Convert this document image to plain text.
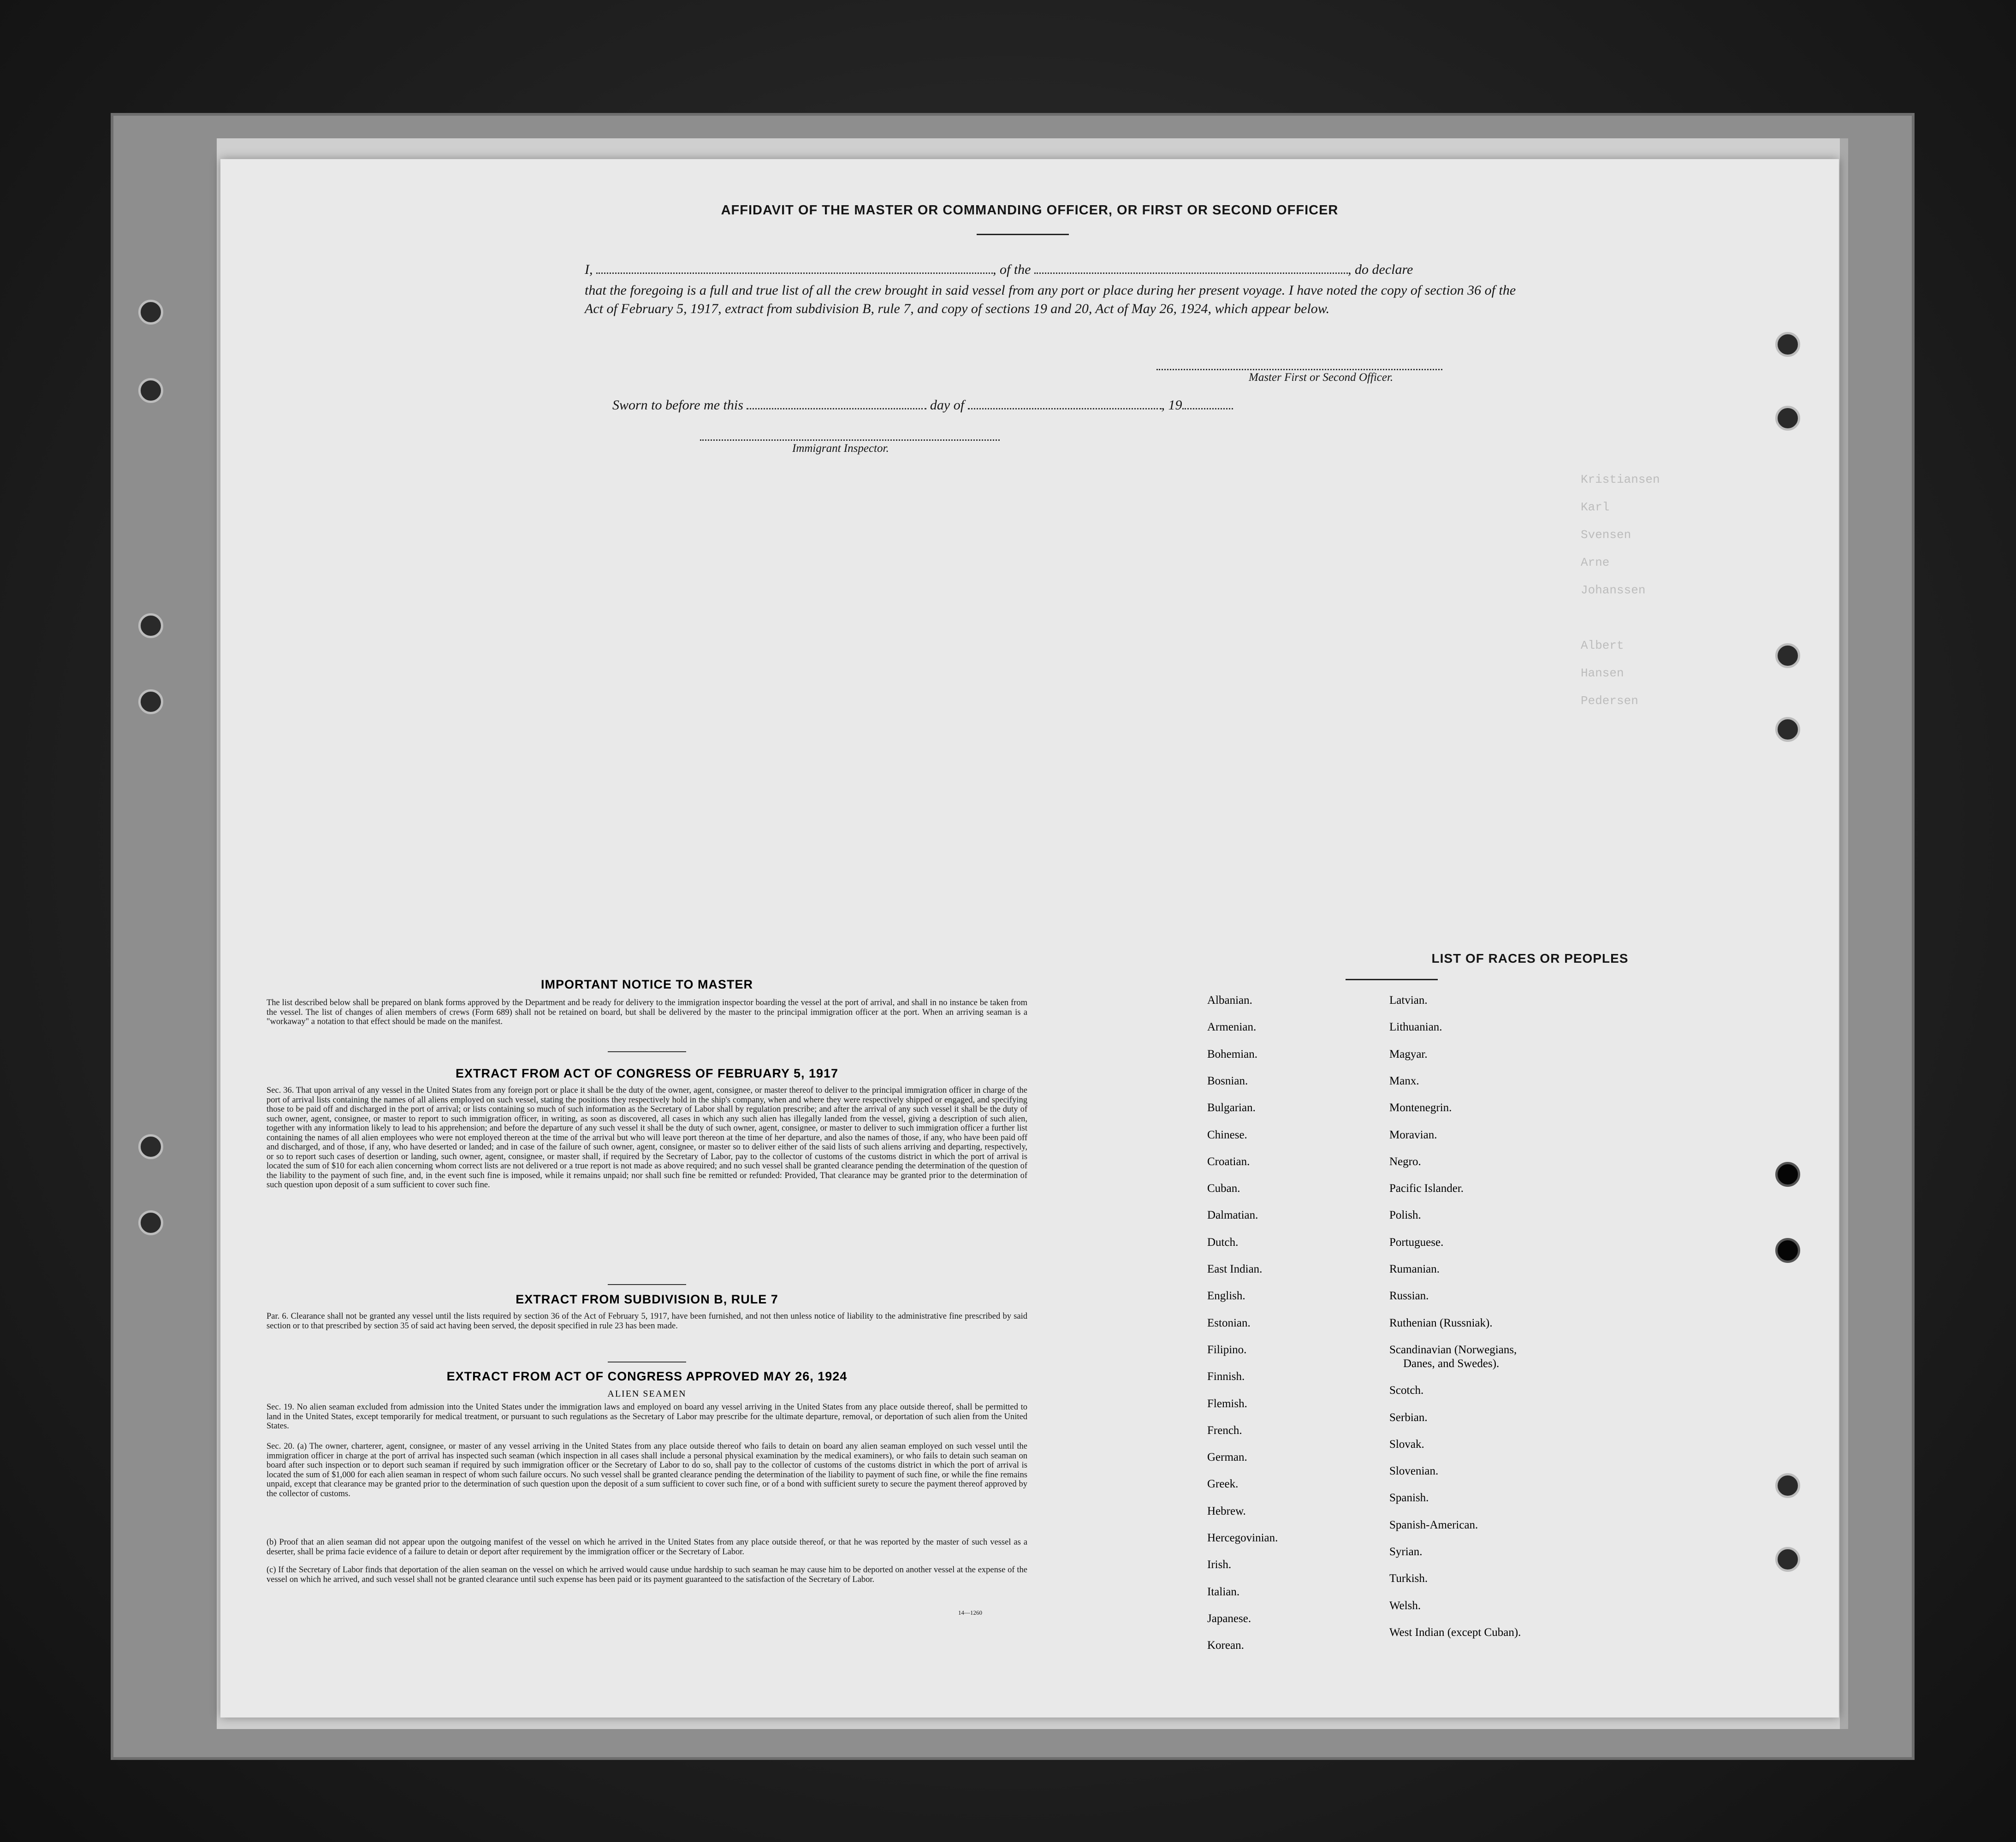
Kristiansen
Karl
Svensen
Arne
Johanssen
Albert
Hansen
Pedersen
AFFIDAVIT OF THE MASTER OR COMMANDING OFFICER, OR FIRST OR SECOND OFFICER
I,	, of the	, do declare
that the foregoing is a full and true list of all the crew brought in said vessel from any port or place during her present voyage. I have noted the copy of section 36 of the Act of February 5, 1917, extract from subdivision B, rule 7, and copy of sections 19 and 20, Act of May 26, 1924, which appear below.
Master First or Second Officer.
Sworn to before me this	day of	, 19
Immigrant Inspector.
IMPORTANT NOTICE TO MASTER
The list described below shall be prepared on blank forms approved by the Department and be ready for delivery to the immigration inspector boarding the vessel at the port of arrival, and shall in no instance be taken from the vessel. The list of changes of alien members of crews (Form 689) shall not be retained on board, but shall be delivered by the master to the principal immigration officer at the port. When an arriving seaman is a "workaway" a notation to that effect should be made on the manifest.
EXTRACT FROM ACT OF CONGRESS OF FEBRUARY 5, 1917
Sec. 36. That upon arrival of any vessel in the United States from any foreign port or place it shall be the duty of the owner, agent, consignee, or master thereof to deliver to the principal immigration officer in charge of the port of arrival lists containing the names of all aliens employed on such vessel, stating the positions they respectively hold in the ship's company, when and where they were respectively shipped or engaged, and specifying those to be paid off and discharged in the port of arrival; or lists containing so much of such information as the Secretary of Labor shall by regulation prescribe; and after the arrival of any such vessel it shall be the duty of such owner, agent, consignee, or master to report to such immigration officer, in writing, as soon as discovered, all cases in which any such alien has illegally landed from the vessel, giving a description of such alien, together with any information likely to lead to his apprehension; and before the departure of any such vessel it shall be the duty of such owner, agent, consignee, or master to deliver to such immigration officer a further list containing the names of all alien employees who were not employed thereon at the time of the arrival but who will leave port thereon at the time of her departure, and also the names of those, if any, who have been paid off and discharged, and of those, if any, who have deserted or landed; and in case of the failure of such owner, agent, consignee, or master so to deliver either of the said lists of such aliens arriving and departing, respectively, or so to report such cases of desertion or landing, such owner, agent, consignee, or master shall, if required by the Secretary of Labor, pay to the collector of customs of the customs district in which the port of arrival is located the sum of $10 for each alien concerning whom correct lists are not delivered or a true report is not made as above required; and no such vessel shall be granted clearance pending the determination of the question of the liability to the payment of such fine, and, in the event such fine is imposed, while it remains unpaid; nor shall such fine be remitted or refunded: Provided, That clearance may be granted prior to the determination of such question upon deposit of a sum sufficient to cover such fine.
EXTRACT FROM SUBDIVISION B, RULE 7
Par. 6. Clearance shall not be granted any vessel until the lists required by section 36 of the Act of February 5, 1917, have been furnished, and not then unless notice of liability to the administrative fine prescribed by said section or to that prescribed by section 35 of said act having been served, the deposit specified in rule 23 has been made.
EXTRACT FROM ACT OF CONGRESS APPROVED MAY 26, 1924
ALIEN SEAMEN
Sec. 19. No alien seaman excluded from admission into the United States under the immigration laws and employed on board any vessel arriving in the United States from any place outside thereof, shall be permitted to land in the United States, except temporarily for medical treatment, or pursuant to such regulations as the Secretary of Labor may prescribe for the ultimate departure, removal, or deportation of such alien from the United States.
Sec. 20. (a) The owner, charterer, agent, consignee, or master of any vessel arriving in the United States from any place outside thereof who fails to detain on board any alien seaman employed on such vessel until the immigration officer in charge at the port of arrival has inspected such seaman (which inspection in all cases shall include a personal physical examination by the medical examiners), or who fails to detain such seaman on board after such inspection or to deport such seaman if required by such immigration officer or the Secretary of Labor to do so, shall pay to the collector of customs of the customs district in which the port of arrival is located the sum of $1,000 for each alien seaman in respect of whom such failure occurs. No such vessel shall be granted clearance pending the determination of the liability to payment of such fine, or while the fine remains unpaid, except that clearance may be granted prior to the determination of such question upon the deposit of a sum sufficient to cover such fine, or of a bond with sufficient surety to secure the payment thereof approved by the collector of customs.
(b) Proof that an alien seaman did not appear upon the outgoing manifest of the vessel on which he arrived in the United States from any place outside thereof, or that he was reported by the master of such vessel as a deserter, shall be prima facie evidence of a failure to detain or deport after requirement by the immigration officer or the Secretary of Labor.
(c) If the Secretary of Labor finds that deportation of the alien seaman on the vessel on which he arrived would cause undue hardship to such seaman he may cause him to be deported on another vessel at the expense of the vessel on which he arrived, and such vessel shall not be granted clearance until such expense has been paid or its payment guaranteed to the satisfaction of the Secretary of Labor.
14—1260
LIST OF RACES OR PEOPLES
Albanian.
Armenian.
Bohemian.
Bosnian.
Bulgarian.
Chinese.
Croatian.
Cuban.
Dalmatian.
Dutch.
East Indian.
English.
Estonian.
Filipino.
Finnish.
Flemish.
French.
German.
Greek.
Hebrew.
Hercegovinian.
Irish.
Italian.
Japanese.
Korean.
Latvian.
Lithuanian.
Magyar.
Manx.
Montenegrin.
Moravian.
Negro.
Pacific Islander.
Polish.
Portuguese.
Rumanian.
Russian.
Ruthenian (Russniak).
Scandinavian (Norwegians,
Danes, and Swedes).
Scotch.
Serbian.
Slovak.
Slovenian.
Spanish.
Spanish-American.
Syrian.
Turkish.
Welsh.
West Indian (except Cuban).
